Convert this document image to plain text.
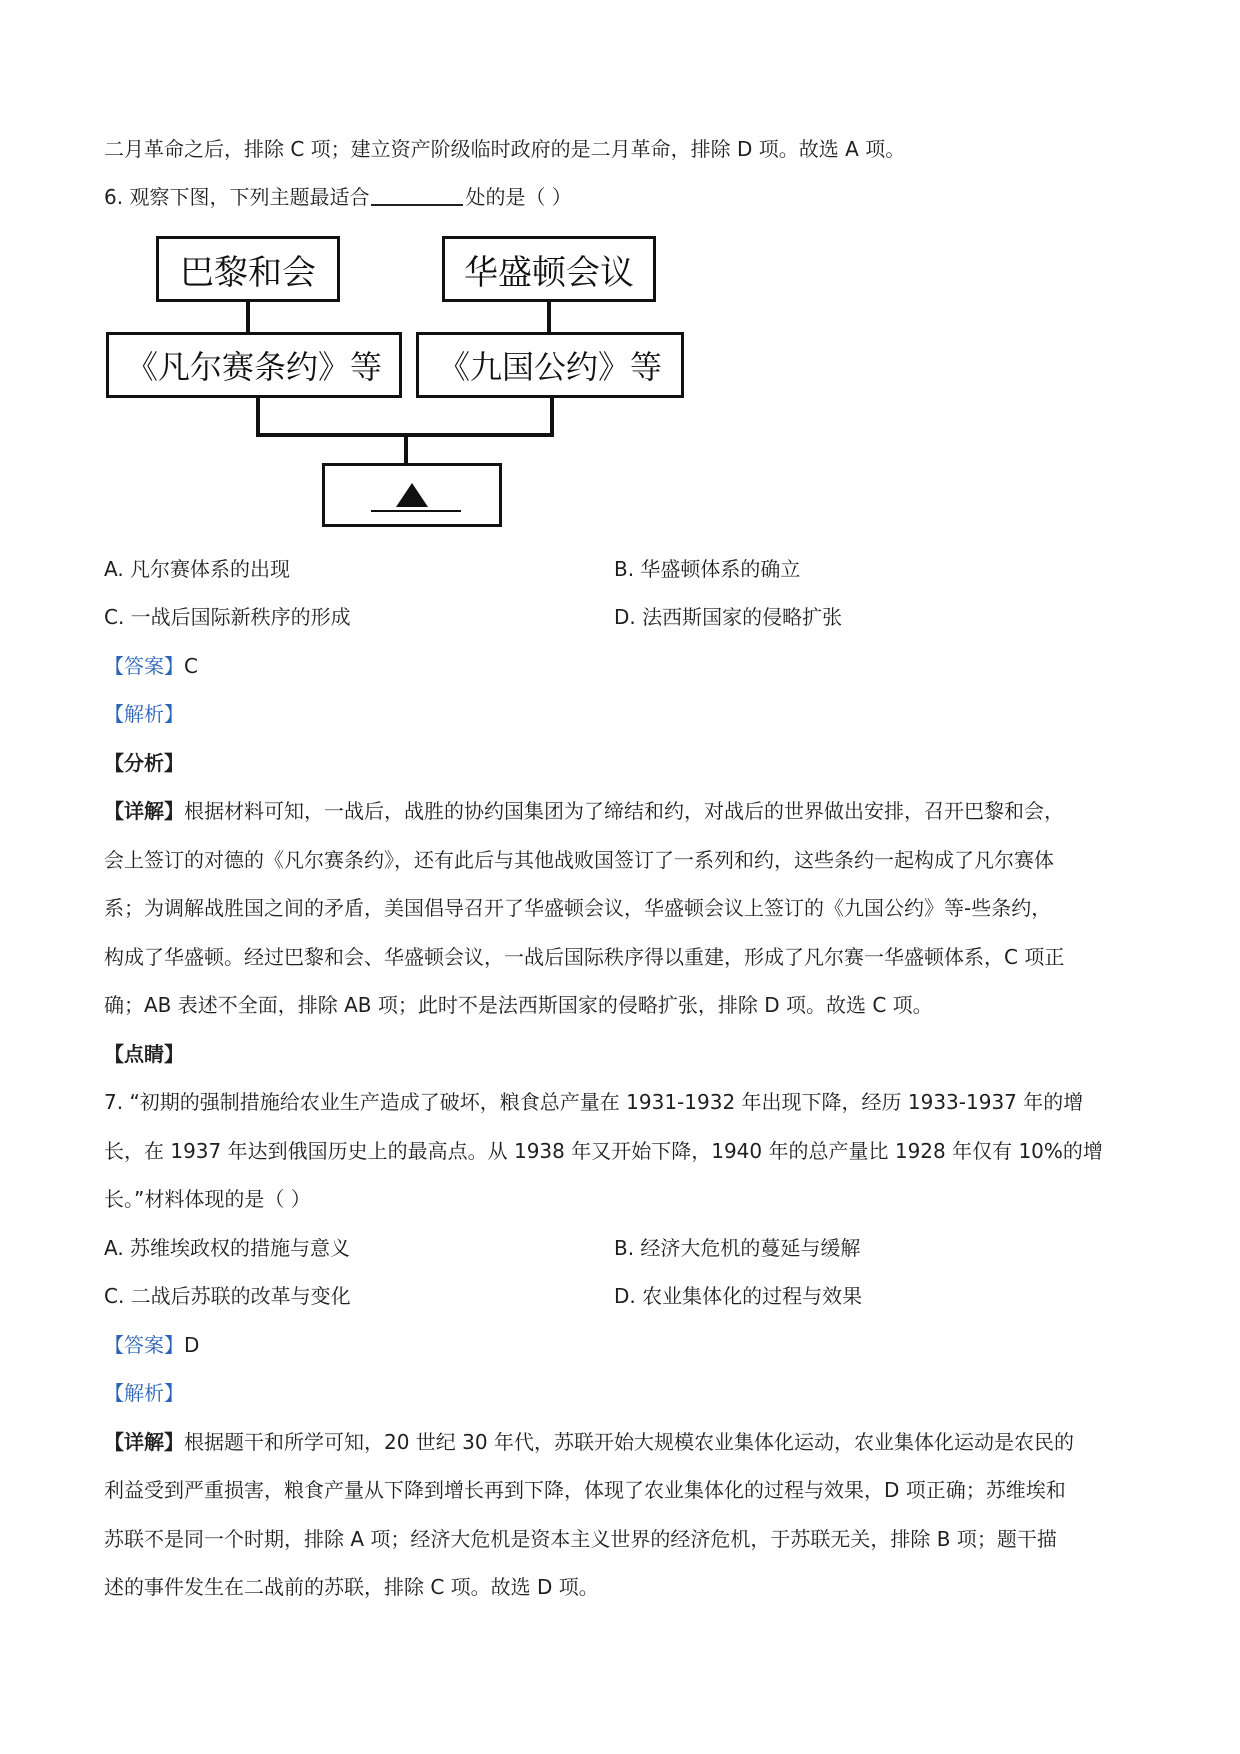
二月革命之后，排除 C 项；建立资产阶级临时政府的是二月革命，排除 D 项。故选 A 项。
6. 观察下图，下列主题最适合	处的是（ ）
巴黎和会	华盛顿会议
《凡尔赛条约》等	《九国公约》等
A. 凡尔赛体系的出现	B. 华盛顿体系的确立
C. 一战后国际新秩序的形成	D. 法西斯国家的侵略扩张
【答案】C
【解析】
【分析】
【详解】根据材料可知，一战后，战胜的协约国集团为了缔结和约，对战后的世界做出安排，召开巴黎和会，
会上签订的对德的《凡尔赛条约》，还有此后与其他战败国签订了一系列和约，这些条约一起构成了凡尔赛体
系；为调解战胜国之间的矛盾，美国倡导召开了华盛顿会议，华盛顿会议上签订的《九国公约》等-些条约，
构成了华盛顿。经过巴黎和会、华盛顿会议，一战后国际秩序得以重建，形成了凡尔赛一华盛顿体系，C 项正
确；AB 表述不全面，排除 AB 项；此时不是法西斯国家的侵略扩张，排除 D 项。故选 C 项。
【点睛】
7. “初期的强制措施给农业生产造成了破坏，粮食总产量在 1931-1932 年出现下降，经历 1933-1937 年的增
长，在 1937 年达到俄国历史上的最高点。从 1938 年又开始下降，1940 年的总产量比 1928 年仅有 10%的增
长。”材料体现的是（ ）
A. 苏维埃政权的措施与意义	B. 经济大危机的蔓延与缓解
C. 二战后苏联的改革与变化	D. 农业集体化的过程与效果
【答案】D
【解析】
【详解】根据题干和所学可知，20 世纪 30 年代，苏联开始大规模农业集体化运动，农业集体化运动是农民的
利益受到严重损害，粮食产量从下降到增长再到下降，体现了农业集体化的过程与效果，D 项正确；苏维埃和
苏联不是同一个时期，排除 A 项；经济大危机是资本主义世界的经济危机，于苏联无关，排除 B 项；题干描
述的事件发生在二战前的苏联，排除 C 项。故选 D 项。
